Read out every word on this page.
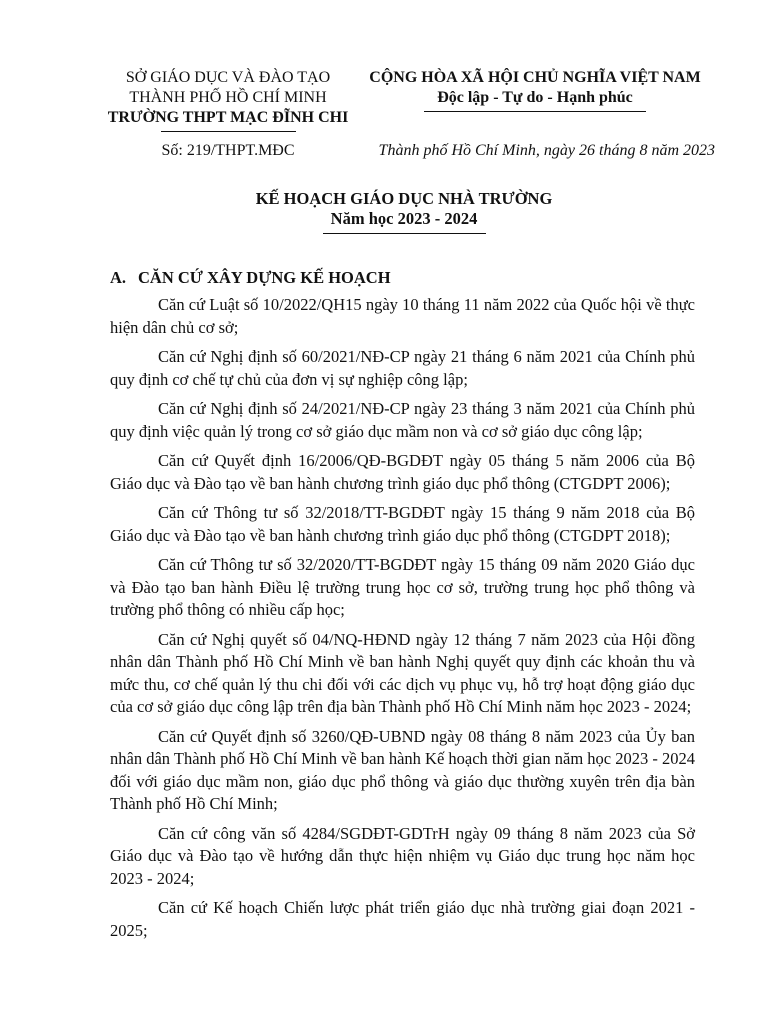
SỞ GIÁO DỤC VÀ ĐÀO TẠO
THÀNH PHỐ HỒ CHÍ MINH
TRƯỜNG THPT MẠC ĐĨNH CHI
CỘNG HÒA XÃ HỘI CHỦ NGHĨA VIỆT NAM
Độc lập - Tự do - Hạnh phúc
Số: 219/THPT.MĐC	Thành phố Hồ Chí Minh, ngày 26 tháng 8 năm 2023
KẾ HOẠCH GIÁO DỤC NHÀ TRƯỜNG
Năm học 2023 - 2024
A. CĂN CỨ XÂY DỰNG KẾ HOẠCH

Căn cứ Luật số 10/2022/QH15 ngày 10 tháng 11 năm 2022 của Quốc hội về thực hiện dân chủ cơ sở;

Căn cứ Nghị định số 60/2021/NĐ-CP ngày 21 tháng 6 năm 2021 của Chính phủ quy định cơ chế tự chủ của đơn vị sự nghiệp công lập;

Căn cứ Nghị định số 24/2021/NĐ-CP ngày 23 tháng 3 năm 2021 của Chính phủ quy định việc quản lý trong cơ sở giáo dục mầm non và cơ sở giáo dục công lập;

Căn cứ Quyết định 16/2006/QĐ-BGDĐT ngày 05 tháng 5 năm 2006 của Bộ Giáo dục và Đào tạo về ban hành chương trình giáo dục phổ thông (CTGDPT 2006);

Căn cứ Thông tư số 32/2018/TT-BGDĐT ngày 15 tháng 9 năm 2018 của Bộ Giáo dục và Đào tạo về ban hành chương trình giáo dục phổ thông (CTGDPT 2018);

Căn cứ Thông tư số 32/2020/TT-BGDĐT ngày 15 tháng 09 năm 2020 Giáo dục và Đào tạo ban hành Điều lệ trường trung học cơ sở, trường trung học phổ thông và trường phổ thông có nhiều cấp học;

Căn cứ Nghị quyết số 04/NQ-HĐND ngày 12 tháng 7 năm 2023 của Hội đồng nhân dân Thành phố Hồ Chí Minh về ban hành Nghị quyết quy định các khoản thu và mức thu, cơ chế quản lý thu chi đối với các dịch vụ phục vụ, hỗ trợ hoạt động giáo dục của cơ sở giáo dục công lập trên địa bàn Thành phố Hồ Chí Minh năm học 2023 - 2024;

Căn cứ Quyết định số 3260/QĐ-UBND ngày 08 tháng 8 năm 2023 của Ủy ban nhân dân Thành phố Hồ Chí Minh về ban hành Kế hoạch thời gian năm học 2023 - 2024 đối với giáo dục mầm non, giáo dục phổ thông và giáo dục thường xuyên trên địa bàn Thành phố Hồ Chí Minh;

Căn cứ công văn số 4284/SGDĐT-GDTrH ngày 09 tháng 8 năm 2023 của Sở Giáo dục và Đào tạo về hướng dẫn thực hiện nhiệm vụ Giáo dục trung học năm học 2023 - 2024;

Căn cứ Kế hoạch Chiến lược phát triển giáo dục nhà trường giai đoạn 2021 - 2025;
